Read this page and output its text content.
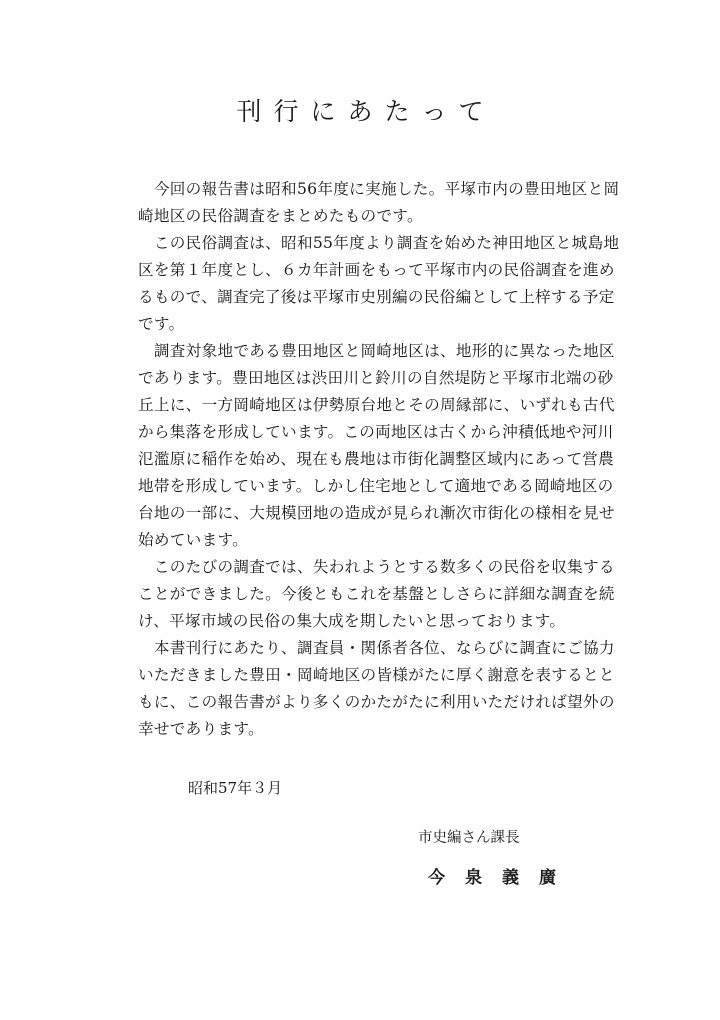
刊行にあたって
　今回の報告書は昭和56年度に実施した。平塚市内の豊田地区と岡
崎地区の民俗調査をまとめたものです。
　この民俗調査は、昭和55年度より調査を始めた神田地区と城島地
区を第１年度とし、６カ年計画をもって平塚市内の民俗調査を進め
るもので、調査完了後は平塚市史別編の民俗編として上梓する予定
です。
　調査対象地である豊田地区と岡崎地区は、地形的に異なった地区
であります。豊田地区は渋田川と鈴川の自然堤防と平塚市北端の砂
丘上に、一方岡崎地区は伊勢原台地とその周縁部に、いずれも古代
から集落を形成しています。この両地区は古くから沖積低地や河川
氾濫原に稲作を始め、現在も農地は市街化調整区域内にあって営農
地帯を形成しています。しかし住宅地として適地である岡崎地区の
台地の一部に、大規模団地の造成が見られ漸次市街化の様相を見せ
始めています。
　このたびの調査では、失われようとする数多くの民俗を収集する
ことができました。今後ともこれを基盤としさらに詳細な調査を続
け、平塚市域の民俗の集大成を期したいと思っております。
　本書刊行にあたり、調査員・関係者各位、ならびに調査にご協力
いただきました豊田・岡崎地区の皆様がたに厚く謝意を表するとと
もに、この報告書がより多くのかたがたに利用いただければ望外の
幸せであります。

昭和57年３月

市史編さん課長

今泉義廣
